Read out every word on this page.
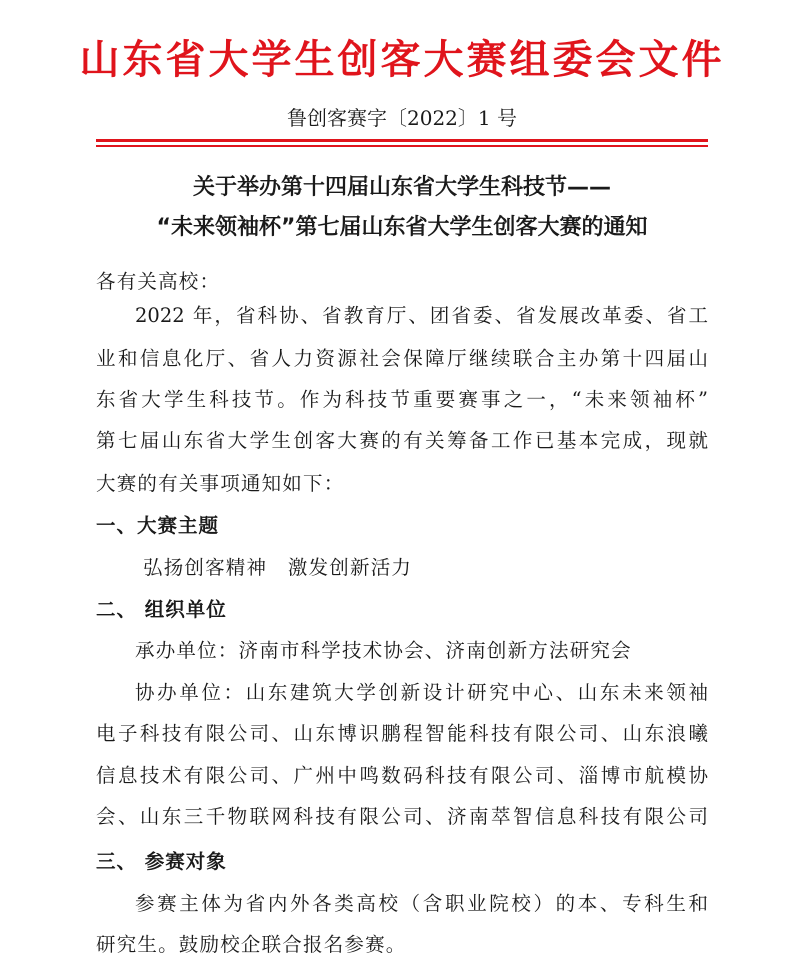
山东省大学生创客大赛组委会文件
鲁创客赛字〔2022〕1 号
关于举办第十四届山东省大学生科技节——
“未来领袖杯”第七届山东省大学生创客大赛的通知
各有关高校：
2022 年，省科协、省教育厅、团省委、省发展改革委、省工
业和信息化厅、省人力资源社会保障厅继续联合主办第十四届山
东省大学生科技节。作为科技节重要赛事之一，“未来领袖杯”
第七届山东省大学生创客大赛的有关筹备工作已基本完成，现就
大赛的有关事项通知如下：
一、大赛主题
弘扬创客精神　激发创新活力
二、 组织单位
承办单位：济南市科学技术协会、济南创新方法研究会
协办单位：山东建筑大学创新设计研究中心、山东未来领袖
电子科技有限公司、山东博识鹏程智能科技有限公司、山东浪曦
信息技术有限公司、广州中鸣数码科技有限公司、淄博市航模协
会、山东三千物联网科技有限公司、济南萃智信息科技有限公司
三、 参赛对象
参赛主体为省内外各类高校（含职业院校）的本、专科生和
研究生。鼓励校企联合报名参赛。
